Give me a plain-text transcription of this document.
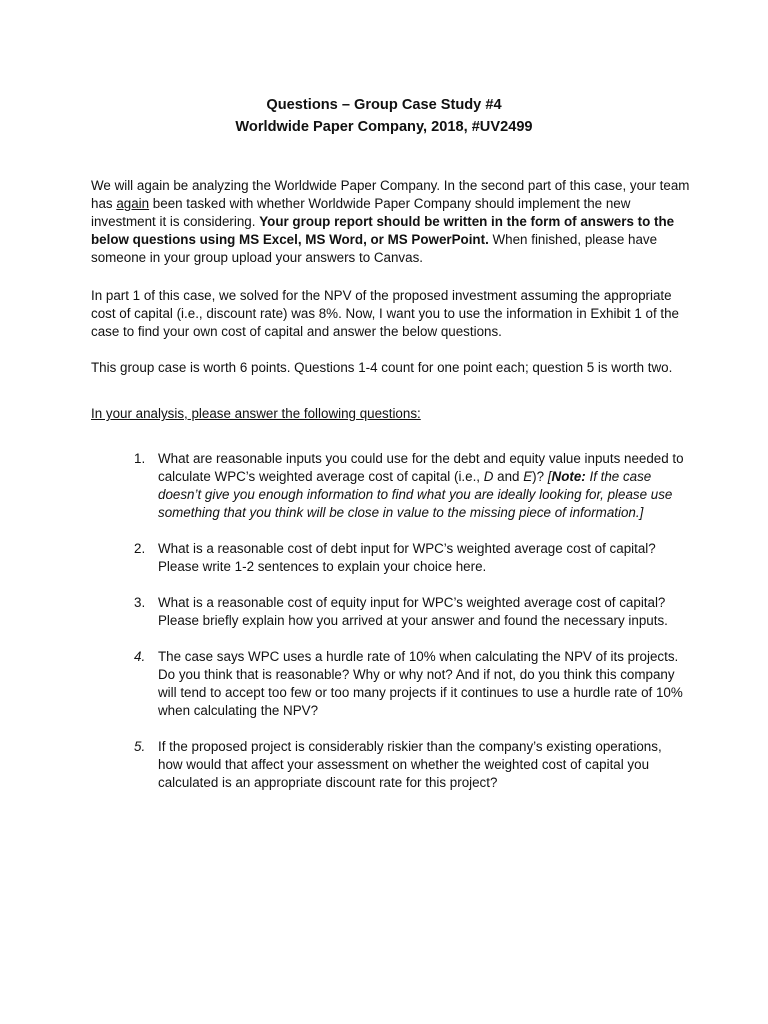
Questions – Group Case Study #4
Worldwide Paper Company, 2018, #UV2499

We will again be analyzing the Worldwide Paper Company. In the second part of this case, your team has again been tasked with whether Worldwide Paper Company should implement the new investment it is considering. Your group report should be written in the form of answers to the below questions using MS Excel, MS Word, or MS PowerPoint. When finished, please have someone in your group upload your answers to Canvas.

In part 1 of this case, we solved for the NPV of the proposed investment assuming the appropriate cost of capital (i.e., discount rate) was 8%. Now, I want you to use the information in Exhibit 1 of the case to find your own cost of capital and answer the below questions.

This group case is worth 6 points. Questions 1-4 count for one point each; question 5 is worth two.

In your analysis, please answer the following questions:

1. What are reasonable inputs you could use for the debt and equity value inputs needed to calculate WPC’s weighted average cost of capital (i.e., D and E)? [Note: If the case doesn’t give you enough information to find what you are ideally looking for, please use something that you think will be close in value to the missing piece of information.]
2. What is a reasonable cost of debt input for WPC’s weighted average cost of capital? Please write 1-2 sentences to explain your choice here.
3. What is a reasonable cost of equity input for WPC’s weighted average cost of capital? Please briefly explain how you arrived at your answer and found the necessary inputs.
4. The case says WPC uses a hurdle rate of 10% when calculating the NPV of its projects. Do you think that is reasonable? Why or why not? And if not, do you think this company will tend to accept too few or too many projects if it continues to use a hurdle rate of 10% when calculating the NPV?
5. If the proposed project is considerably riskier than the company’s existing operations, how would that affect your assessment on whether the weighted cost of capital you calculated is an appropriate discount rate for this project?
